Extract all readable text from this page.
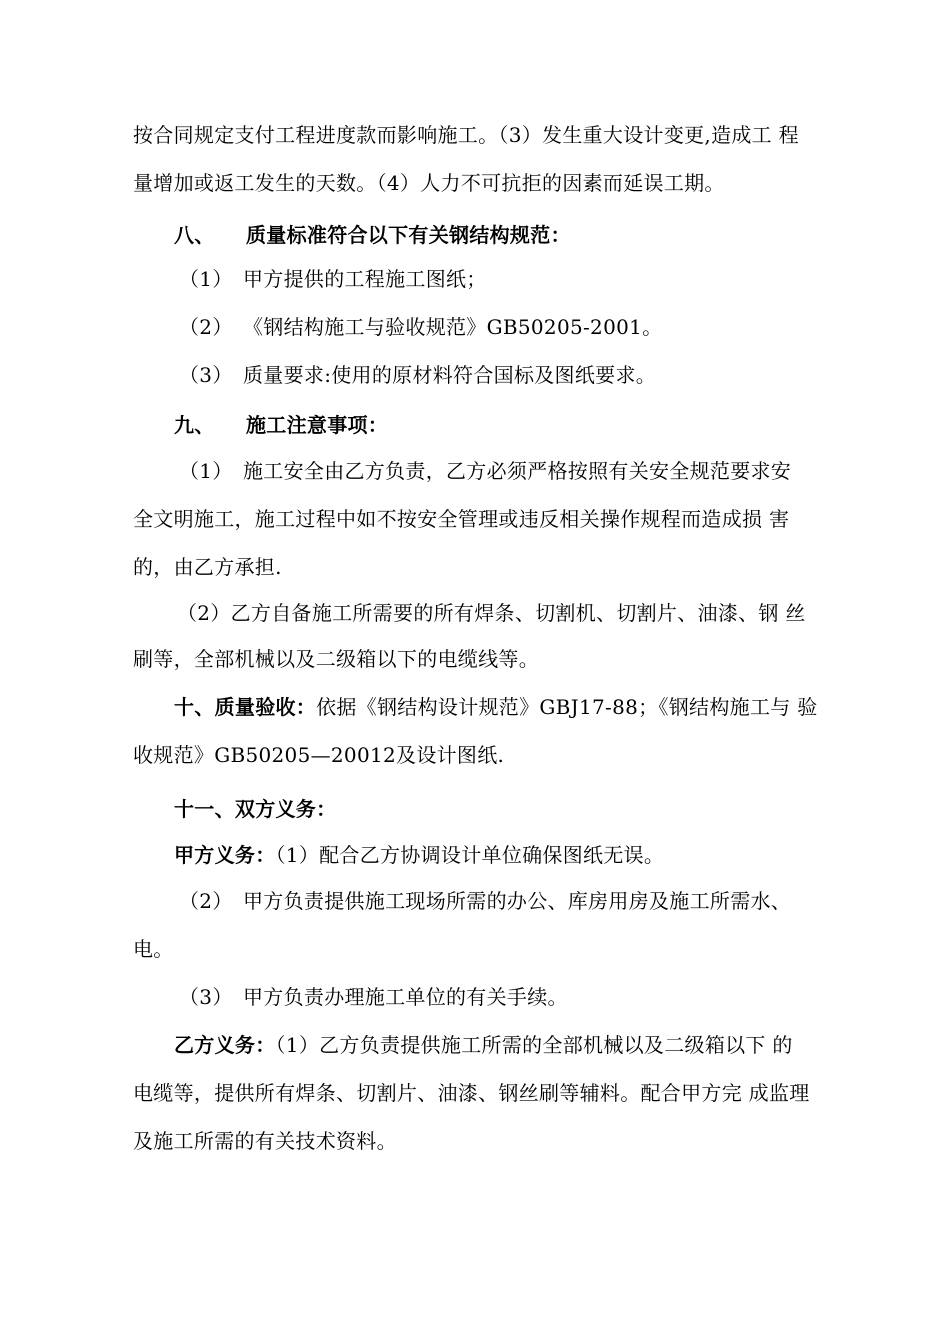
按合同规定支付工程进度款而影响施工。（3）发生重大设计变更,造成工 程
量增加或返工发生的天数。（4）人力不可抗拒的因素而延误工期。
八、 质量标准符合以下有关钢结构规范：
（1） 甲方提供的工程施工图纸；
（2） 《钢结构施工与验收规范》GB50205-2001。
（3） 质量要求:使用的原材料符合国标及图纸要求。
九、 施工注意事项：
（1） 施工安全由乙方负责，乙方必须严格按照有关安全规范要求安
全文明施工，施工过程中如不按安全管理或违反相关操作规程而造成损 害
的，由乙方承担.
（2）乙方自备施工所需要的所有焊条、切割机、切割片、油漆、钢 丝
刷等，全部机械以及二级箱以下的电缆线等。
十、质量验收：依据《钢结构设计规范》GBJ17-88；《钢结构施工与 验
收规范》GB50205—20012及设计图纸.
十一、双方义务：
甲方义务：（1）配合乙方协调设计单位确保图纸无误。
（2） 甲方负责提供施工现场所需的办公、库房用房及施工所需水、
电。
（3） 甲方负责办理施工单位的有关手续。
乙方义务：（1）乙方负责提供施工所需的全部机械以及二级箱以下 的
电缆等，提供所有焊条、切割片、油漆、钢丝刷等辅料。配合甲方完 成监理
及施工所需的有关技术资料。
